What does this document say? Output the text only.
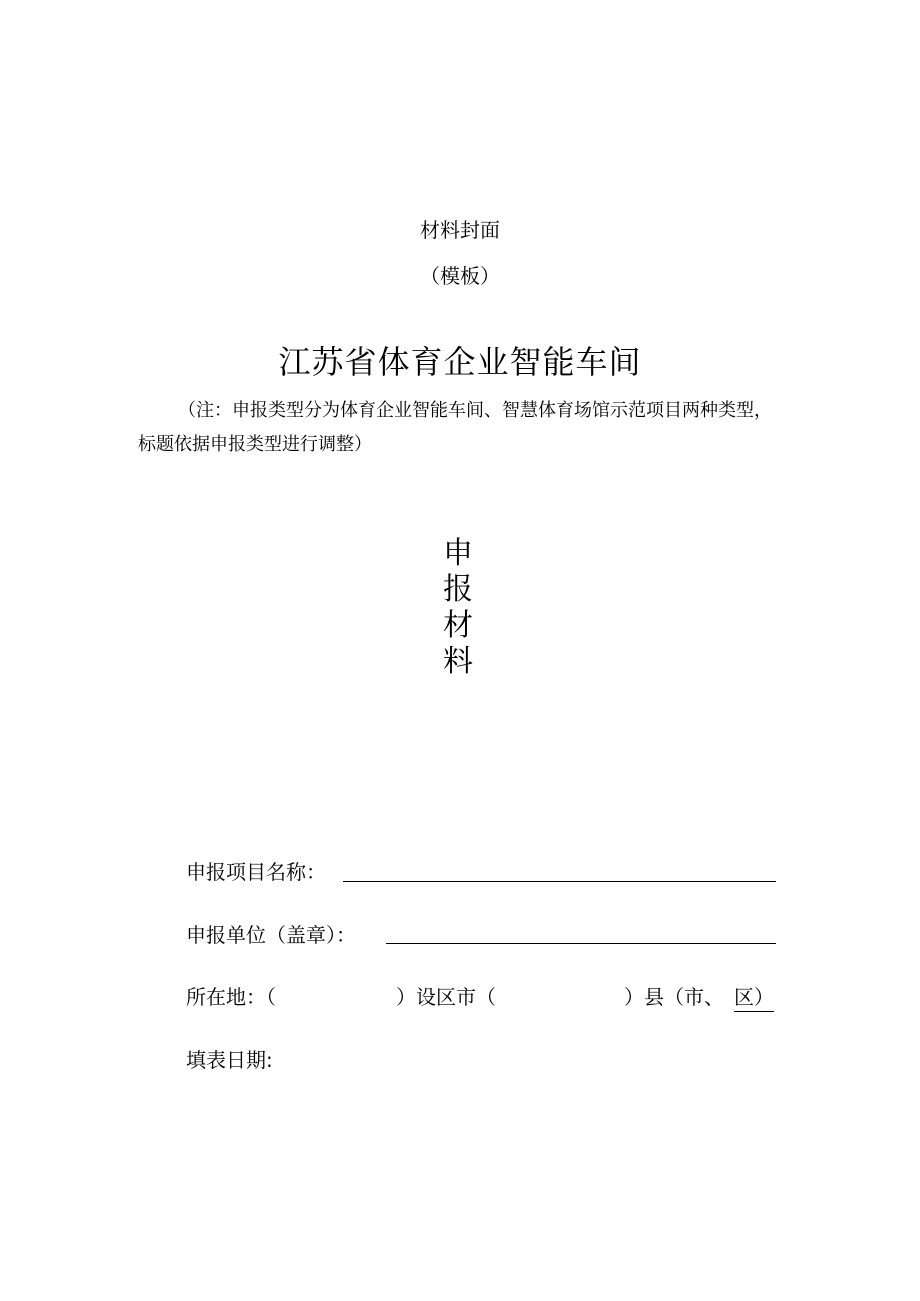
材料封面
（模板）
江苏省体育企业智能车间
（注：申报类型分为体育企业智能车间、智慧体育场馆示范项目两种类型，标题依据申报类型进行调整）
申
报
材
料
申报项目名称：
申报单位（盖章）：
所在地：（	）设区市（	）县（市、 区）
填表日期:
